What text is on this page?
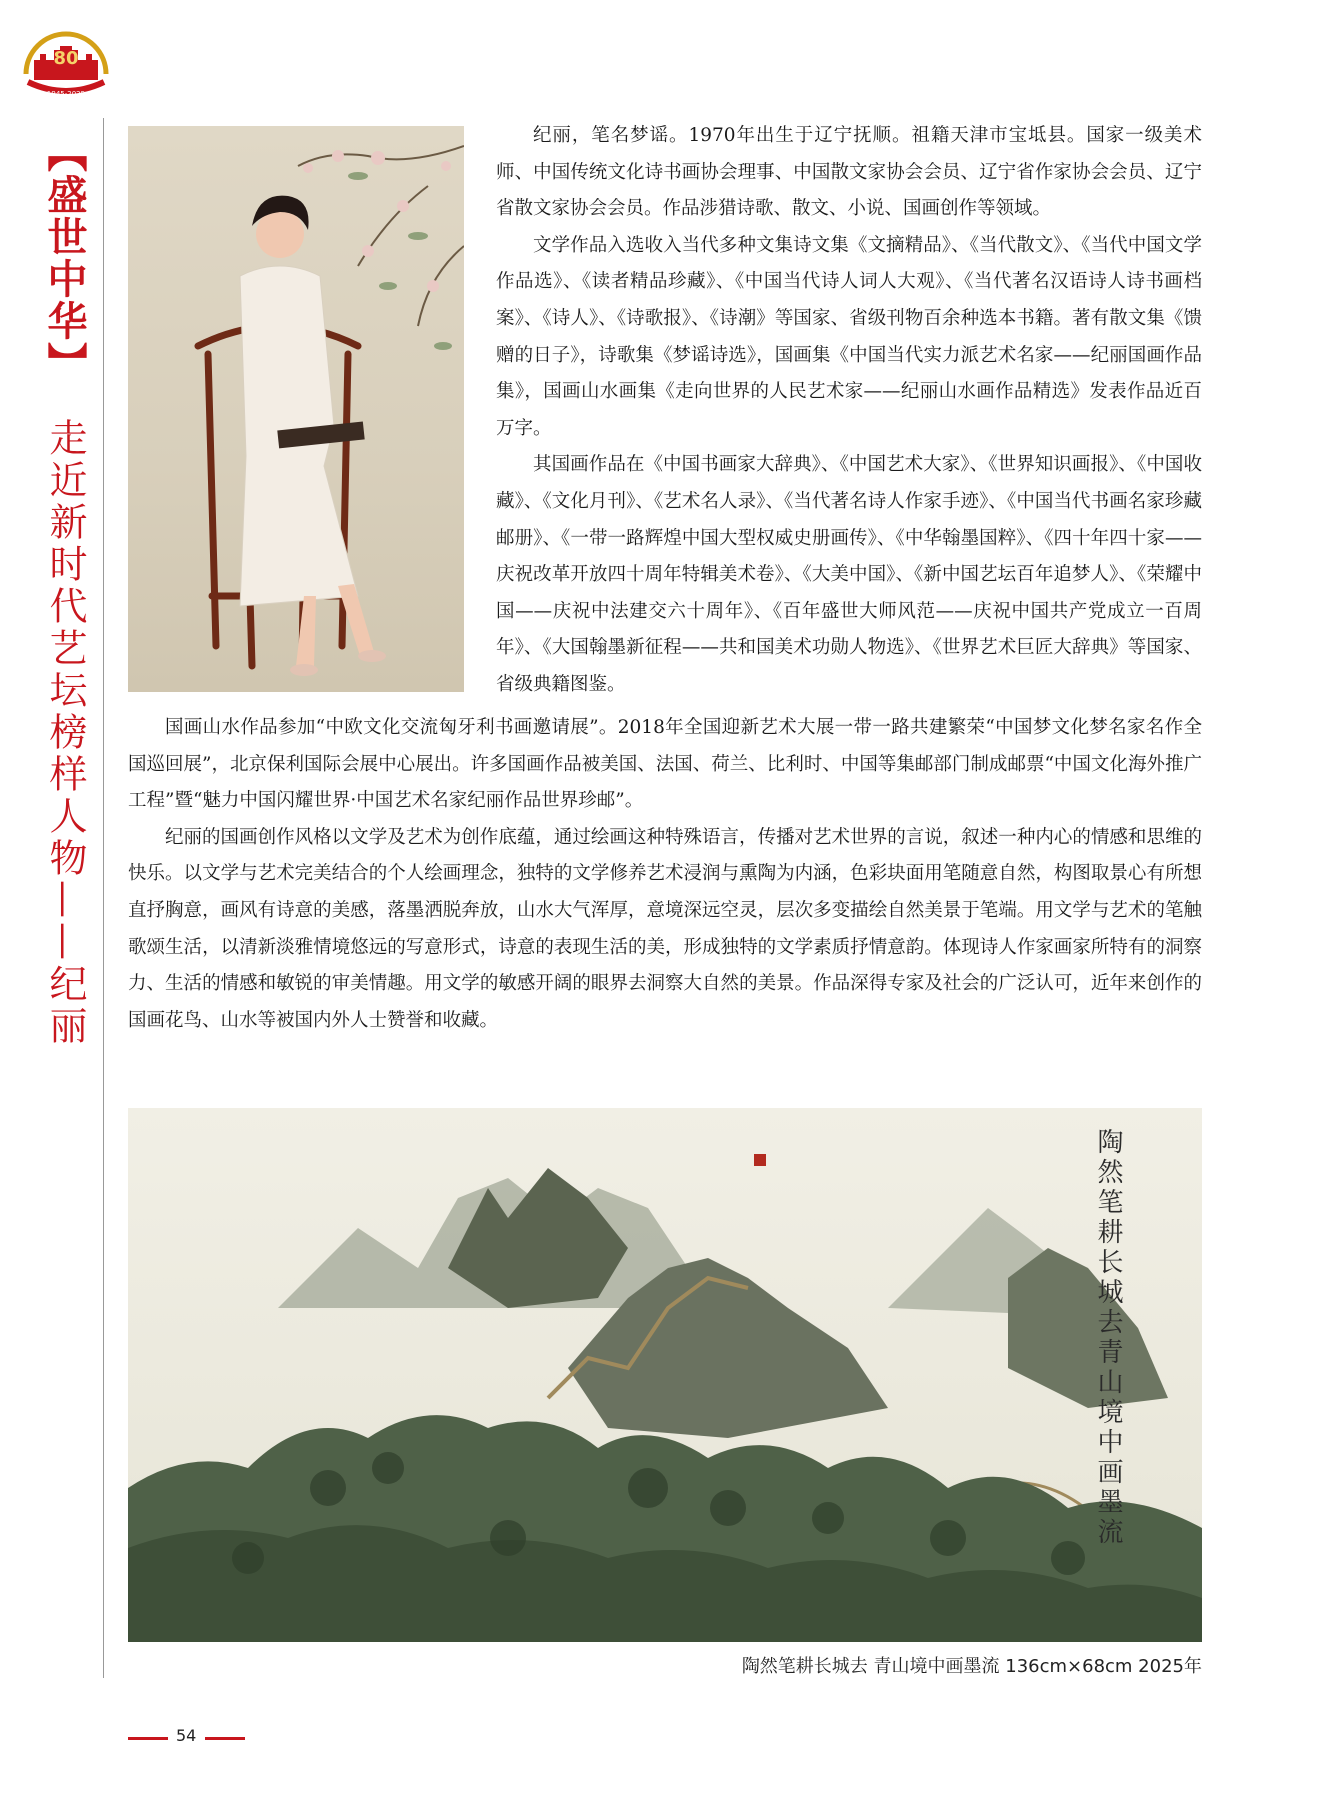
80
1945-2025
【盛世中华】
走近新时代艺坛榜样人物——纪丽

纪丽，笔名梦谣。1970年出生于辽宁抚顺。祖籍天津市宝坻县。国家一级美术师、中国传统文化诗书画协会理事、中国散文家协会会员、辽宁省作家协会会员、辽宁省散文家协会会员。作品涉猎诗歌、散文、小说、国画创作等领域。

文学作品入选收入当代多种文集诗文集《文摘精品》、《当代散文》、《当代中国文学作品选》、《读者精品珍藏》、《中国当代诗人词人大观》、《当代著名汉语诗人诗书画档案》、《诗人》、《诗歌报》、《诗潮》等国家、省级刊物百余种选本书籍。著有散文集《馈赠的日子》，诗歌集《梦谣诗选》，国画集《中国当代实力派艺术名家——纪丽国画作品集》，国画山水画集《走向世界的人民艺术家——纪丽山水画作品精选》发表作品近百万字。

其国画作品在《中国书画家大辞典》、《中国艺术大家》、《世界知识画报》、《中国收藏》、《文化月刊》、《艺术名人录》、《当代著名诗人作家手迹》、《中国当代书画名家珍藏邮册》、《一带一路辉煌中国大型权威史册画传》、《中华翰墨国粹》、《四十年四十家——庆祝改革开放四十周年特辑美术卷》、《大美中国》、《新中国艺坛百年追梦人》、《荣耀中国——庆祝中法建交六十周年》、《百年盛世大师风范——庆祝中国共产党成立一百周年》、《大国翰墨新征程——共和国美术功勋人物选》、《世界艺术巨匠大辞典》等国家、省级典籍图鉴。

国画山水作品参加“中欧文化交流匈牙利书画邀请展”。2018年全国迎新艺术大展一带一路共建繁荣“中国梦文化梦名家名作全国巡回展”，北京保利国际会展中心展出。许多国画作品被美国、法国、荷兰、比利时、中国等集邮部门制成邮票“中国文化海外推广工程”暨“魅力中国闪耀世界·中国艺术名家纪丽作品世界珍邮”。

纪丽的国画创作风格以文学及艺术为创作底蕴，通过绘画这种特殊语言，传播对艺术世界的言说，叙述一种内心的情感和思维的快乐。以文学与艺术完美结合的个人绘画理念，独特的文学修养艺术浸润与熏陶为内涵，色彩块面用笔随意自然，构图取景心有所想直抒胸意，画风有诗意的美感，落墨洒脱奔放，山水大气浑厚，意境深远空灵，层次多变描绘自然美景于笔端。用文学与艺术的笔触歌颂生活，以清新淡雅情境悠远的写意形式，诗意的表现生活的美，形成独特的文学素质抒情意韵。体现诗人作家画家所特有的洞察力、生活的情感和敏锐的审美情趣。用文学的敏感开阔的眼界去洞察大自然的美景。作品深得专家及社会的广泛认可，近年来创作的国画花鸟、山水等被国内外人士赞誉和收藏。

陶然笔耕长城去青山境中画墨流
陶然笔耕长城去 青山境中画墨流 136cm×68cm 2025年
54
